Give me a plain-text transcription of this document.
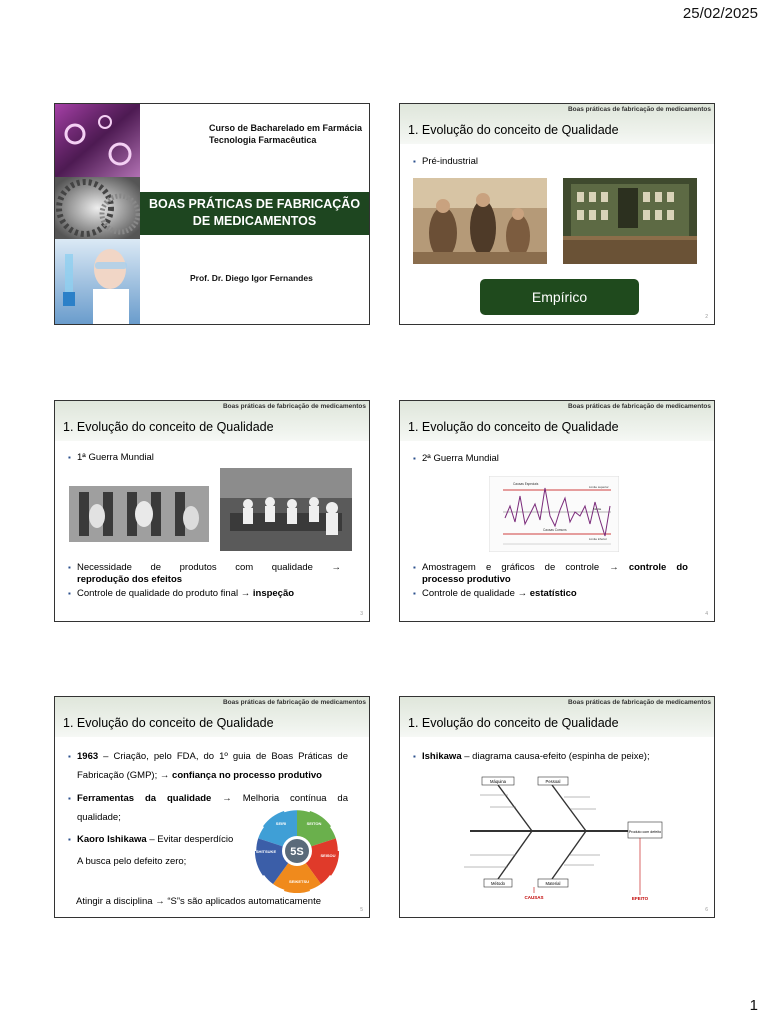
25/02/2025
Curso de Bacharelado em Farmácia
Tecnologia Farmacêutica
BOAS PRÁTICAS DE FABRICAÇÃO
DE MEDICAMENTOS
Prof. Dr. Diego Igor Fernandes
Boas práticas de fabricação de medicamentos
1. Evolução do conceito de Qualidade
▪ Pré-industrial
Empírico
2
Boas práticas de fabricação de medicamentos
1. Evolução do conceito de Qualidade
▪ 1ª Guerra Mundial
▪ Necessidade de produtos com qualidade →
reprodução dos efeitos
▪ Controle de qualidade do produto final → inspeção
3
Boas práticas de fabricação de medicamentos
1. Evolução do conceito de Qualidade
▪ 2ª Guerra Mundial
Causas Especiais
Causas Comuns
Limite superior
Média
Limite inferior
▪ Amostragem e gráficos de controle → controle do
processo produtivo
▪ Controle de qualidade → estatístico
4
Boas práticas de fabricação de medicamentos
1. Evolução do conceito de Qualidade
▪ 1963 – Criação, pelo FDA, do 1º guia de Boas Práticas de
Fabricação (GMP); → confiança no processo produtivo
▪ Ferramentas da qualidade → Melhoria contínua da
qualidade;
▪ Kaoro Ishikawa – Evitar desperdício
A busca pelo defeito zero;
Atingir a disciplina → “S”s são aplicados automaticamente
5S
SEIRI	SEITON
SEISOU
SEIKETSU
SHITSUKE
5
Boas práticas de fabricação de medicamentos
1. Evolução do conceito de Qualidade
▪ Ishikawa – diagrama causa-efeito (espinha de peixe);
Máquina	Pessoal
Método	Material
Produto com defeito
CAUSAS	EFEITO
6
1
